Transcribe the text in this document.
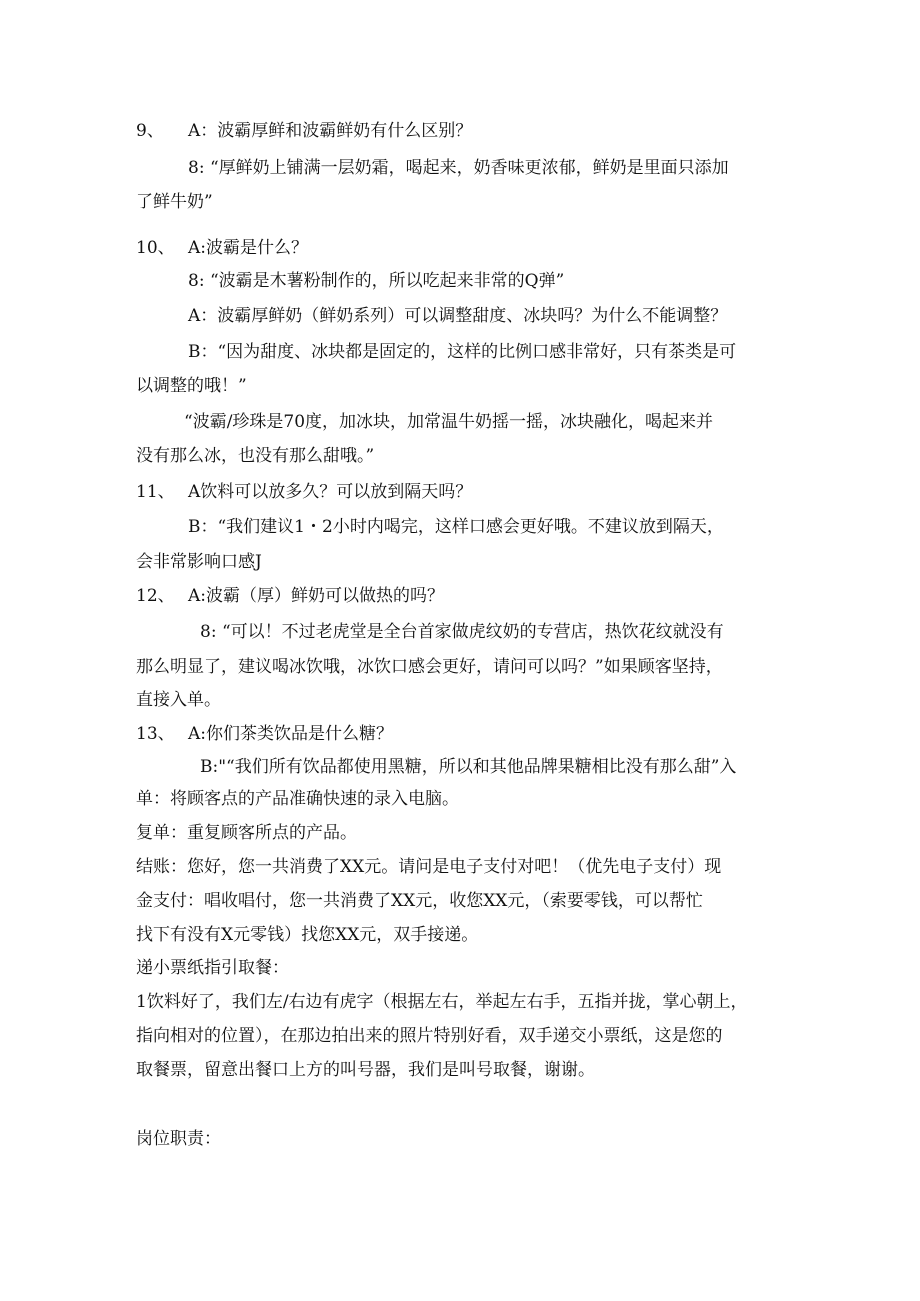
9、 A：波霸厚鲜和波霸鲜奶有什么区别？
8: “厚鲜奶上铺满一层奶霜，喝起来，奶香味更浓郁，鲜奶是里面只添加
了鲜牛奶”
10、 A:波霸是什么？
8: “波霸是木薯粉制作的，所以吃起来非常的Q弹”
A：波霸厚鲜奶（鲜奶系列）可以调整甜度、冰块吗？为什么不能调整？
B：“因为甜度、冰块都是固定的，这样的比例口感非常好，只有茶类是可
以调整的哦！”
“波霸/珍珠是70度，加冰块，加常温牛奶摇一摇，冰块融化，喝起来并
没有那么冰，也没有那么甜哦。”
11、 A饮料可以放多久？可以放到隔天吗？
B：“我们建议1・2小时内喝完，这样口感会更好哦。不建议放到隔天，
会非常影响口感J
12、 A:波霸（厚）鲜奶可以做热的吗？
8: “可以！不过老虎堂是全台首家做虎纹奶的专营店，热饮花纹就没有
那么明显了，建议喝冰饮哦，冰饮口感会更好，请问可以吗？”如果顾客坚持，
直接入单。
13、 A:你们茶类饮品是什么糖？
B:"“我们所有饮品都使用黑糖，所以和其他品牌果糖相比没有那么甜”入
单：将顾客点的产品准确快速的录入电脑。
复单：重复顾客所点的产品。
结账：您好，您一共消费了XX元。请问是电子支付对吧！（优先电子支付）现
金支付：唱收唱付，您一共消费了XX元，收您XX元，（索要零钱，可以帮忙
找下有没有X元零钱）找您XX元，双手接递。
递小票纸指引取餐：
1饮料好了，我们左/右边有虎字（根据左右，举起左右手，五指并拢，掌心朝上，
指向相对的位置），在那边拍出来的照片特别好看，双手递交小票纸，这是您的
取餐票，留意出餐口上方的叫号器，我们是叫号取餐，谢谢。
岗位职责：
